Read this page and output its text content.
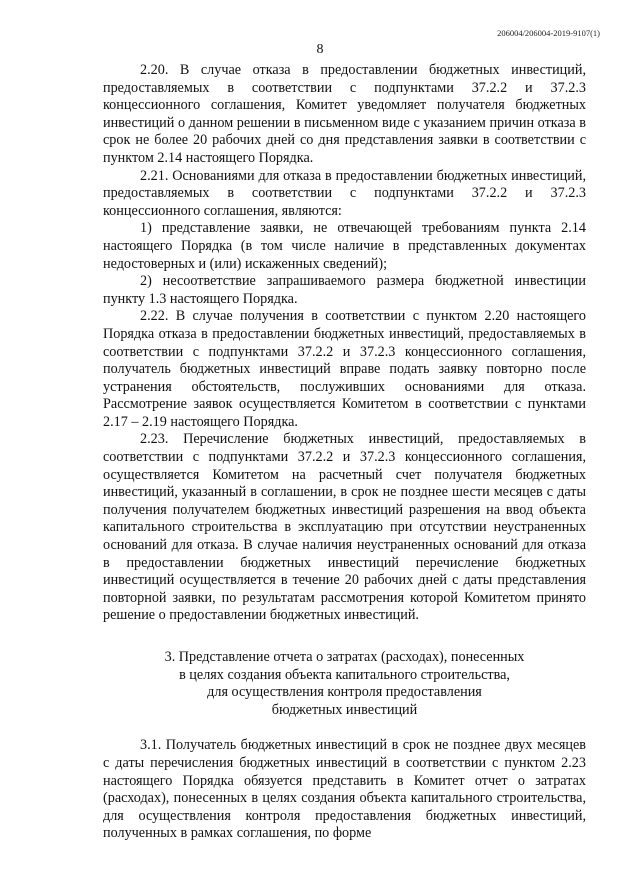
206004/206004-2019-9107(1)
8

2.20. В случае отказа в предоставлении бюджетных инвестиций, предоставляемых в соответствии с подпунктами 37.2.2 и 37.2.3 концессионного соглашения, Комитет уведомляет получателя бюджетных инвестиций о данном решении в письменном виде с указанием причин отказа в срок не более 20 рабочих дней со дня представления заявки в соответствии с пунктом 2.14 настоящего Порядка.

2.21. Основаниями для отказа в предоставлении бюджетных инвестиций, предоставляемых в соответствии с подпунктами 37.2.2 и 37.2.3 концессионного соглашения, являются:

1) представление заявки, не отвечающей требованиям пункта 2.14 настоящего Порядка (в том числе наличие в представленных документах недостоверных и (или) искаженных сведений);

2) несоответствие запрашиваемого размера бюджетной инвестиции пункту 1.3 настоящего Порядка.

2.22. В случае получения в соответствии с пунктом 2.20 настоящего Порядка отказа в предоставлении бюджетных инвестиций, предоставляемых в соответствии с подпунктами 37.2.2 и 37.2.3 концессионного соглашения, получатель бюджетных инвестиций вправе подать заявку повторно после устранения обстоятельств, послуживших основаниями для отказа. Рассмотрение заявок осуществляется Комитетом в соответствии с пунктами 2.17 – 2.19 настоящего Порядка.

2.23. Перечисление бюджетных инвестиций, предоставляемых в соответствии с подпунктами 37.2.2 и 37.2.3 концессионного соглашения, осуществляется Комитетом на расчетный счет получателя бюджетных инвестиций, указанный в соглашении, в срок не позднее шести месяцев с даты получения получателем бюджетных инвестиций разрешения на ввод объекта капитального строительства в эксплуатацию при отсутствии неустраненных оснований для отказа. В случае наличия неустраненных оснований для отказа в предоставлении бюджетных инвестиций перечисление бюджетных инвестиций осуществляется в течение 20 рабочих дней с даты представления повторной заявки, по результатам рассмотрения которой Комитетом принято решение о предоставлении бюджетных инвестиций.

3. Представление отчета о затратах (расходах), понесенных
в целях создания объекта капитального строительства,
для осуществления контроля предоставления
бюджетных инвестиций

3.1. Получатель бюджетных инвестиций в срок не позднее двух месяцев с даты перечисления бюджетных инвестиций в соответствии с пунктом 2.23 настоящего Порядка обязуется представить в Комитет отчет о затратах (расходах), понесенных в целях создания объекта капитального строительства, для осуществления контроля предоставления бюджетных инвестиций, полученных в рамках соглашения, по форме
